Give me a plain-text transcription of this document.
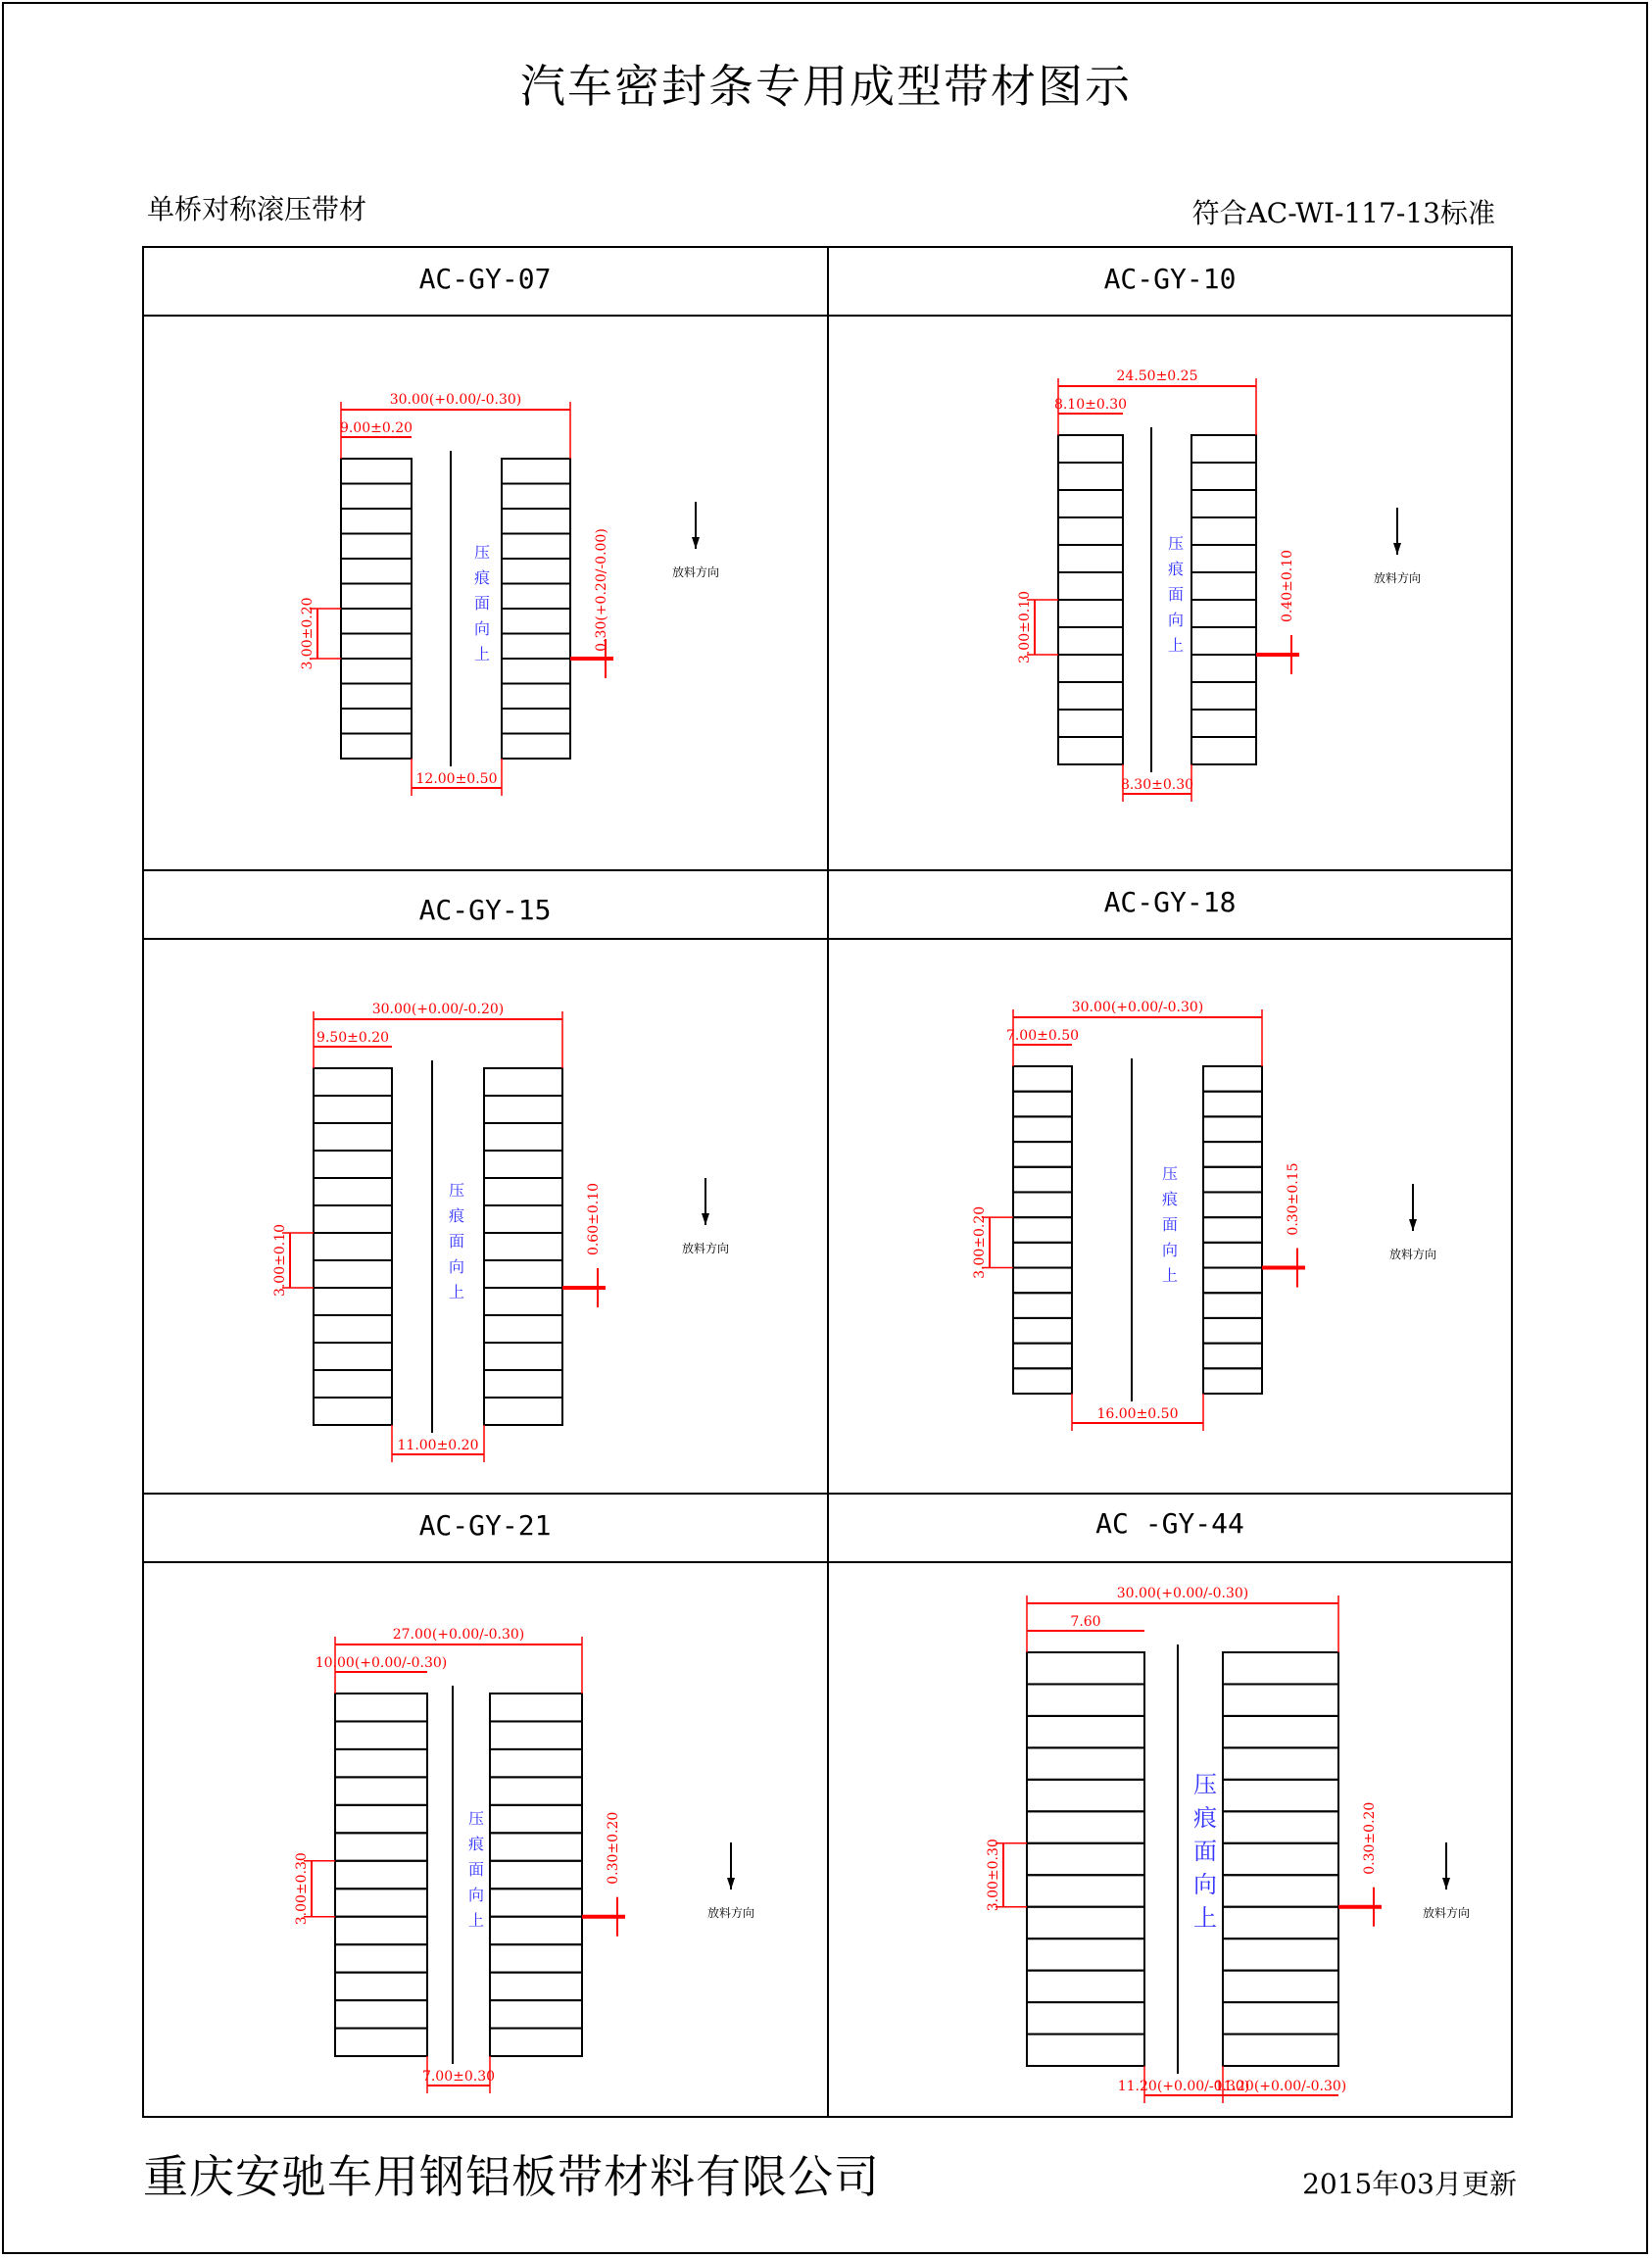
汽车密封条专用成型带材图示
单桥对称滚压带材	符合AC-WI-117-13标准
压
痕
面
向
上
30.00(+0.00/-0.30)
9.00±0.20
12.00±0.50
3.00±0.20	0.30(+0.20/-0.00)	放料方向
压
痕
面
向
上
24.50±0.25
8.10±0.30
8.30±0.30
3.00±0.10
0.40±0.10	放料方向
压
痕
面
向
上
30.00(+0.00/-0.20)
9.50±0.20
11.00±0.20
3.00±0.10
0.60±0.10	放料方向
压
痕
面
向
上
30.00(+0.00/-0.30)
7.00±0.50
16.00±0.50
3.00±0.20
0.30±0.15
放料方向
压
痕
面
向
上
27.00(+0.00/-0.30)
10.00(+0.00/-0.30)
7.00±0.30
3.00±0.30
0.30±0.20
放料方向
压
痕
面
向
上
30.00(+0.00/-0.30)
7.60
11.20(+0.00/-0.30)
11.20(+0.00/-0.30)
3.00±0.30
0.30±0.20
放料方向
AC-GY-07	AC-GY-10
AC-GY-15	AC-GY-18
AC-GY-21	AC -GY-44
重庆安驰车用钢铝板带材料有限公司	2015年03月更新
